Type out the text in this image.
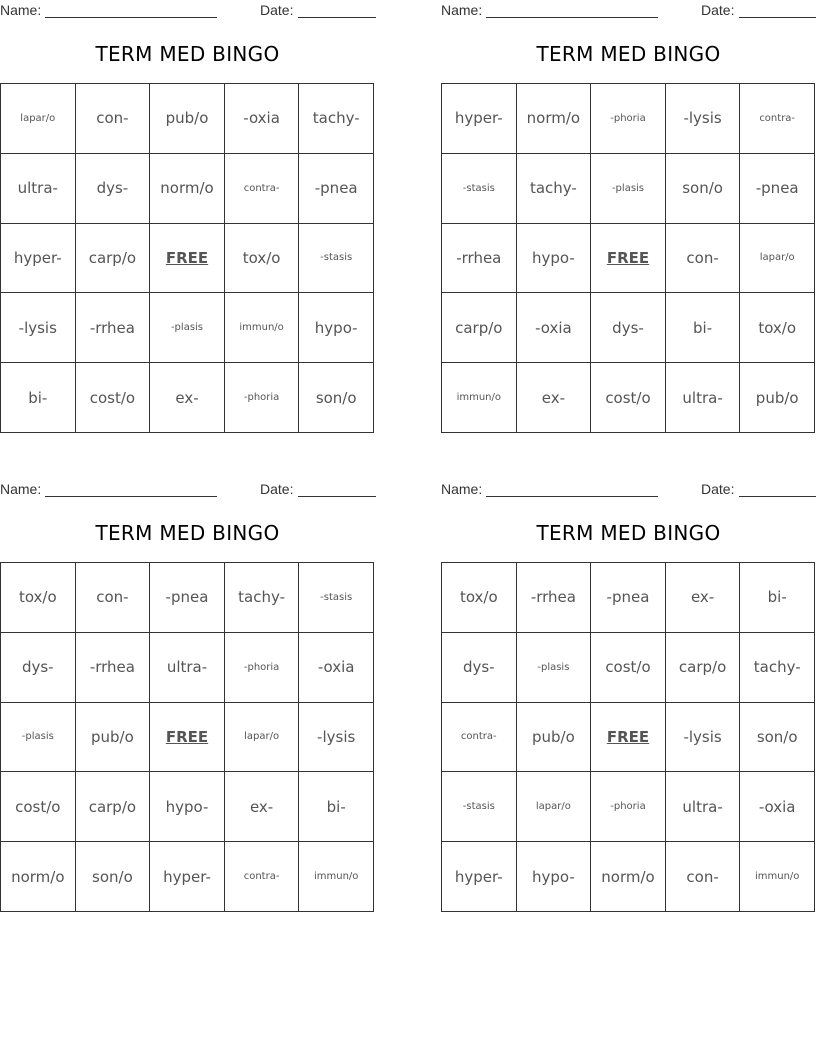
Name:	Date:
TERM MED BINGO
lapar/o	con-	pub/o	-oxia	tachy-
ultra-	dys-	norm/o	contra-	-pnea
hyper-	carp/o	FREE	tox/o	-stasis
-lysis	-rrhea	-plasis	immun/o	hypo-
bi-	cost/o	ex-	-phoria	son/o
Name:	Date:
TERM MED BINGO
hyper-	norm/o	-phoria	-lysis	contra-
-stasis	tachy-	-plasis	son/o	-pnea
-rrhea	hypo-	FREE	con-	lapar/o
carp/o	-oxia	dys-	bi-	tox/o
immun/o	ex-	cost/o	ultra-	pub/o
Name:	Date:
TERM MED BINGO
tox/o	con-	-pnea	tachy-	-stasis
dys-	-rrhea	ultra-	-phoria	-oxia
-plasis	pub/o	FREE	lapar/o	-lysis
cost/o	carp/o	hypo-	ex-	bi-
norm/o	son/o	hyper-	contra-	immun/o
Name:	Date:
TERM MED BINGO
tox/o	-rrhea	-pnea	ex-	bi-
dys-	-plasis	cost/o	carp/o	tachy-
contra-	pub/o	FREE	-lysis	son/o
-stasis	lapar/o	-phoria	ultra-	-oxia
hyper-	hypo-	norm/o	con-	immun/o
